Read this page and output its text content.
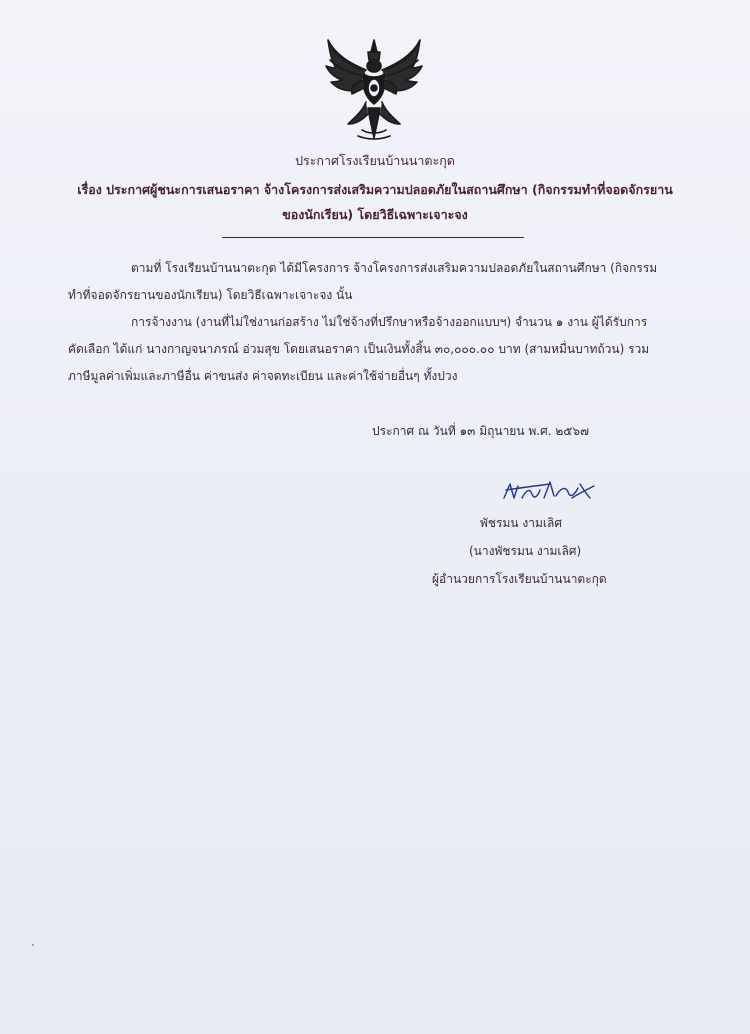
ประกาศโรงเรียนบ้านนาตะกุด
เรื่อง ประกาศผู้ชนะการเสนอราคา จ้างโครงการส่งเสริมความปลอดภัยในสถานศึกษา (กิจกรรมทำที่จอดจักรยาน
ของนักเรียน) โดยวิธีเฉพาะเจาะจง
ตามที่ โรงเรียนบ้านนาตะกุด ได้มีโครงการ จ้างโครงการส่งเสริมความปลอดภัยในสถานศึกษา (กิจกรรม
ทำที่จอดจักรยานของนักเรียน) โดยวิธีเฉพาะเจาะจง นั้น
การจ้างงาน (งานที่ไม่ใช่งานก่อสร้าง ไม่ใช่จ้างที่ปรึกษาหรือจ้างออกแบบฯ) จำนวน ๑ งาน ผู้ได้รับการ
คัดเลือก ได้แก่ นางกาญจนาภรณ์ อ่วมสุข โดยเสนอราคา เป็นเงินทั้งสิ้น ๓๐,๐๐๐.๐๐ บาท (สามหมื่นบาทถ้วน) รวม
ภาษีมูลค่าเพิ่มและภาษีอื่น ค่าขนส่ง ค่าจดทะเบียน และค่าใช้จ่ายอื่นๆ ทั้งปวง
ประกาศ ณ วันที่ ๑๓ มิถุนายน พ.ศ. ๒๕๖๗
พัชรมน งามเลิศ
(นางพัชรมน งามเลิศ)
ผู้อำนวยการโรงเรียนบ้านนาตะกุด
